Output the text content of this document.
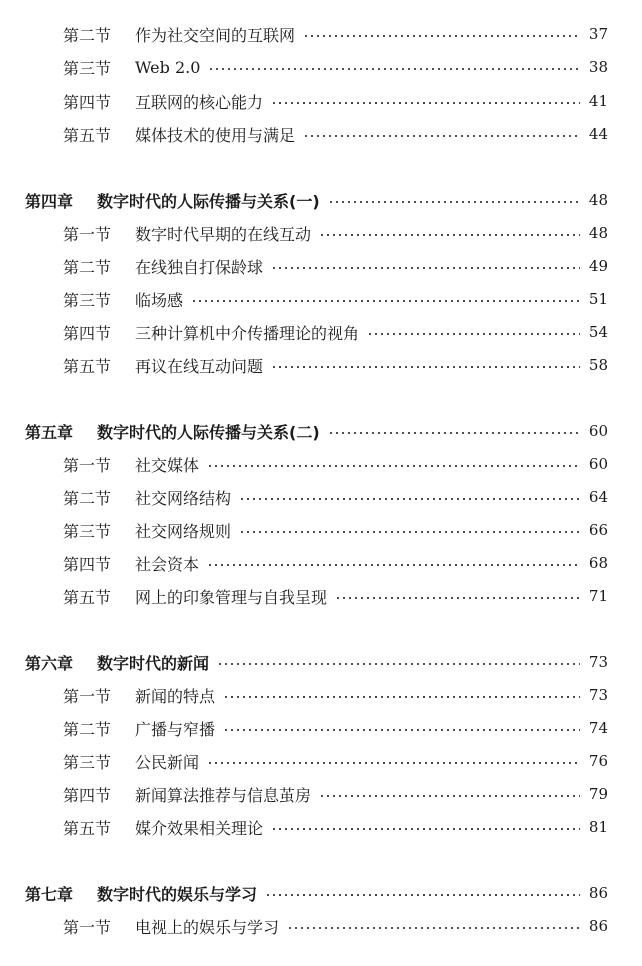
第二节	作为社交空间的互联网	37
第三节	Web 2.0	38
第四节	互联网的核心能力	41
第五节	媒体技术的使用与满足	44
第四章	数字时代的人际传播与关系(一)	48
第一节	数字时代早期的在线互动	48
第二节	在线独自打保龄球	49
第三节	临场感	51
第四节	三种计算机中介传播理论的视角	54
第五节	再议在线互动问题	58
第五章	数字时代的人际传播与关系(二)	60
第一节	社交媒体	60
第二节	社交网络结构	64
第三节	社交网络规则	66
第四节	社会资本	68
第五节	网上的印象管理与自我呈现	71
第六章	数字时代的新闻	73
第一节	新闻的特点	73
第二节	广播与窄播	74
第三节	公民新闻	76
第四节	新闻算法推荐与信息茧房	79
第五节	媒介效果相关理论	81
第七章	数字时代的娱乐与学习	86
第一节	电视上的娱乐与学习	86
